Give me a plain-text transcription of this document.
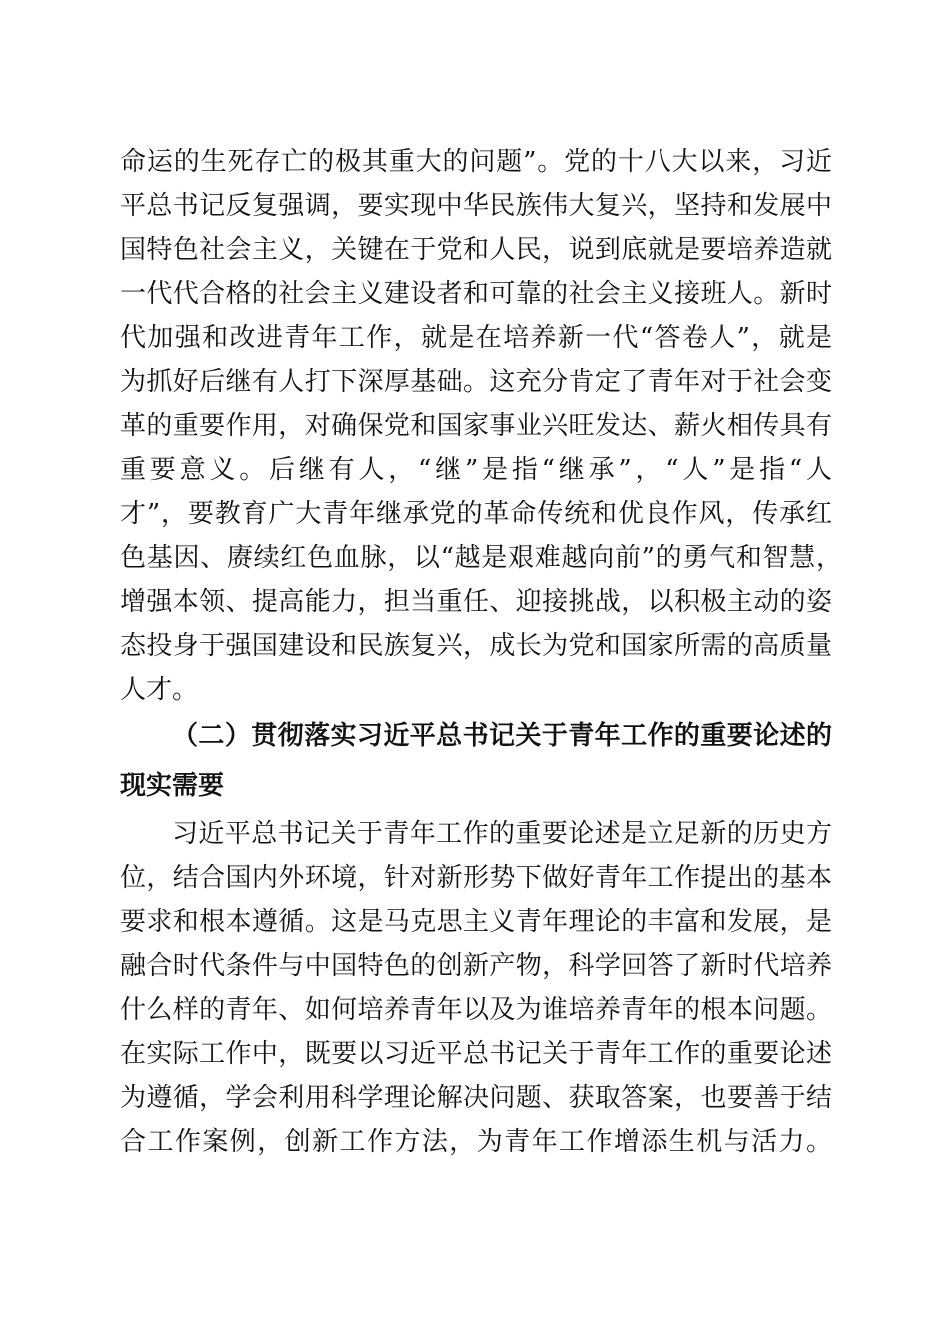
命运的生死存亡的极其重大的问题”。党的十八大以来，习近
平总书记反复强调，要实现中华民族伟大复兴，坚持和发展中
国特色社会主义，关键在于党和人民，说到底就是要培养造就
一代代合格的社会主义建设者和可靠的社会主义接班人。新时
代加强和改进青年工作，就是在培养新一代“答卷人”，就是
为抓好后继有人打下深厚基础。这充分肯定了青年对于社会变
革的重要作用，对确保党和国家事业兴旺发达、薪火相传具有
重要意义。后继有人，“继”是指“继承”，“人”是指“人
才”，要教育广大青年继承党的革命传统和优良作风，传承红
色基因、赓续红色血脉，以“越是艰难越向前”的勇气和智慧，
增强本领、提高能力，担当重任、迎接挑战，以积极主动的姿
态投身于强国建设和民族复兴，成长为党和国家所需的高质量
人才。
（二）贯彻落实习近平总书记关于青年工作的重要论述的
现实需要
习近平总书记关于青年工作的重要论述是立足新的历史方
位，结合国内外环境，针对新形势下做好青年工作提出的基本
要求和根本遵循。这是马克思主义青年理论的丰富和发展，是
融合时代条件与中国特色的创新产物，科学回答了新时代培养
什么样的青年、如何培养青年以及为谁培养青年的根本问题。
在实际工作中，既要以习近平总书记关于青年工作的重要论述
为遵循，学会利用科学理论解决问题、获取答案，也要善于结
合工作案例，创新工作方法，为青年工作增添生机与活力。
